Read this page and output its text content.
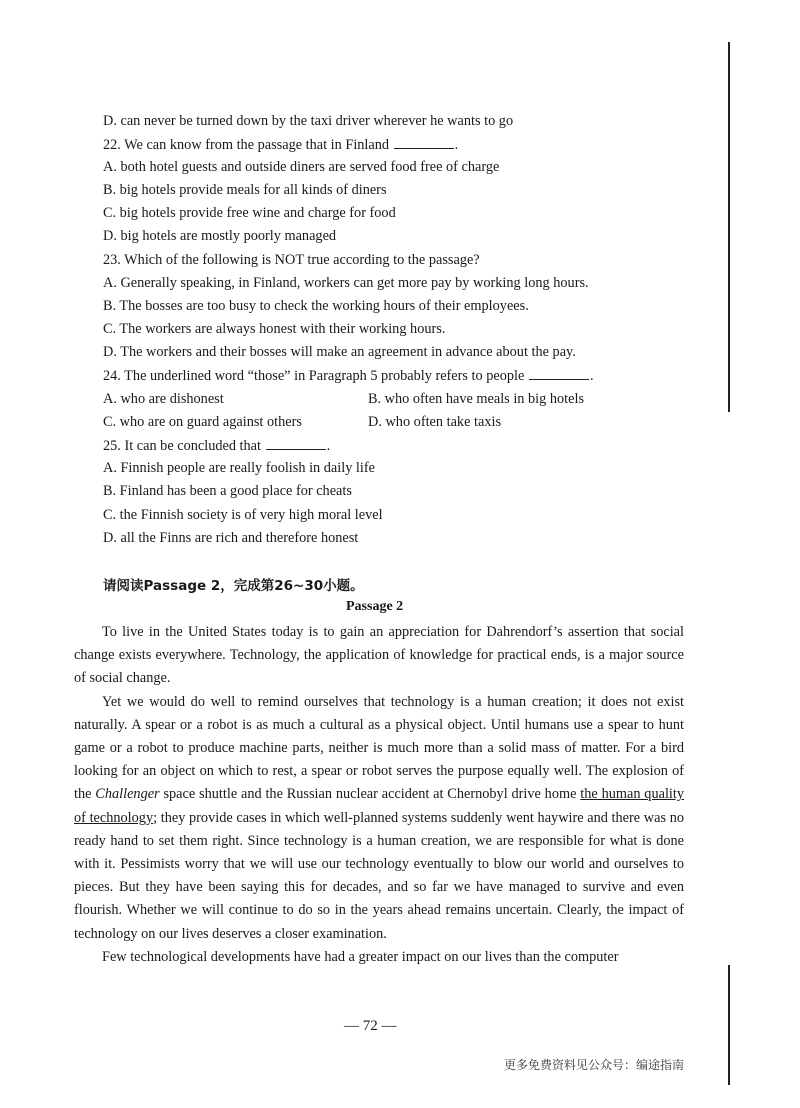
D. can never be turned down by the taxi driver wherever he wants to go
22. We can know from the passage that in Finland	.
A. both hotel guests and outside diners are served food free of charge
B. big hotels provide meals for all kinds of diners
C. big hotels provide free wine and charge for food
D. big hotels are mostly poorly managed
23. Which of the following is NOT true according to the passage?
A. Generally speaking, in Finland, workers can get more pay by working long hours.
B. The bosses are too busy to check the working hours of their employees.
C. The workers are always honest with their working hours.
D. The workers and their bosses will make an agreement in advance about the pay.
24. The underlined word “those” in Paragraph 5 probably refers to people	.
A. who are dishonest	B. who often have meals in big hotels
C. who are on guard against others	D. who often take taxis
25. It can be concluded that	.
A. Finnish people are really foolish in daily life
B. Finland has been a good place for cheats
C. the Finnish society is of very high moral level
D. all the Finns are rich and therefore honest
请阅读Passage 2，完成第26~30小题。
Passage 2

To live in the United States today is to gain an appreciation for Dahrendorf’s assertion that social change exists everywhere. Technology, the application of knowledge for practical ends, is a major source of social change.

Yet we would do well to remind ourselves that technology is a human creation; it does not exist naturally. A spear or a robot is as much a cultural as a physical object. Until humans use a spear to hunt game or a robot to produce machine parts, neither is much more than a solid mass of matter. For a bird looking for an object on which to rest, a spear or robot serves the purpose equally well. The explosion of the Challenger space shuttle and the Russian nuclear accident at Chernobyl drive home the human quality of technology; they provide cases in which well-planned systems suddenly went haywire and there was no ready hand to set them right. Since technology is a human creation, we are responsible for what is done with it. Pessimists worry that we will use our technology eventually to blow our world and ourselves to pieces. But they have been saying this for decades, and so far we have managed to survive and even flourish. Whether we will continue to do so in the years ahead remains uncertain. Clearly, the impact of technology on our lives deserves a closer examination.

Few technological developments have had a greater impact on our lives than the computer

— 72 —
更多免费资料见公众号：编途指南
